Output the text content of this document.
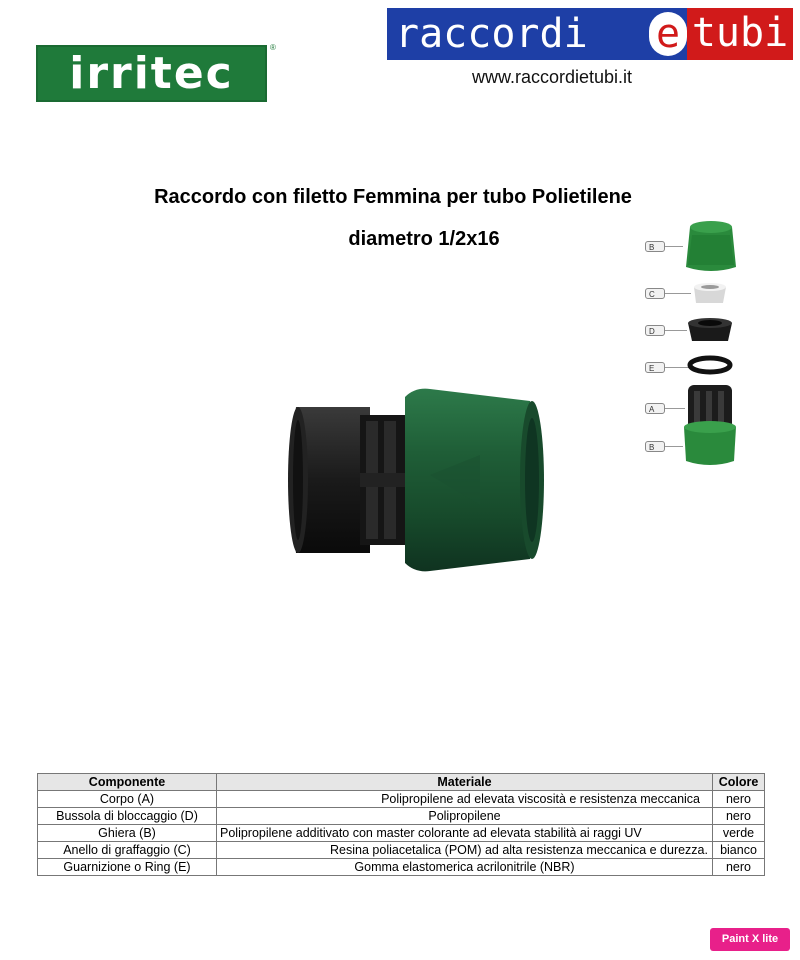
irritec	®	raccordi e tubi
www.raccordietubi.it
Raccordo con filetto Femmina per tubo Polietilene
diametro 1/2x16	B
C
D
E
A
B
Componente	Materiale	Colore
Corpo (A)	Polipropilene ad elevata viscosità e resistenza meccanica	nero
Bussola di bloccaggio (D)	Polipropilene	nero
Ghiera (B)	Polipropilene additivato con master colorante ad elevata stabilità ai raggi UV	verde
Anello di graffaggio (C)	Resina poliacetalica (POM) ad alta resistenza meccanica e durezza.	bianco
Guarnizione o Ring (E)	Gomma elastomerica acrilonitrile (NBR)	nero
Paint X lite
